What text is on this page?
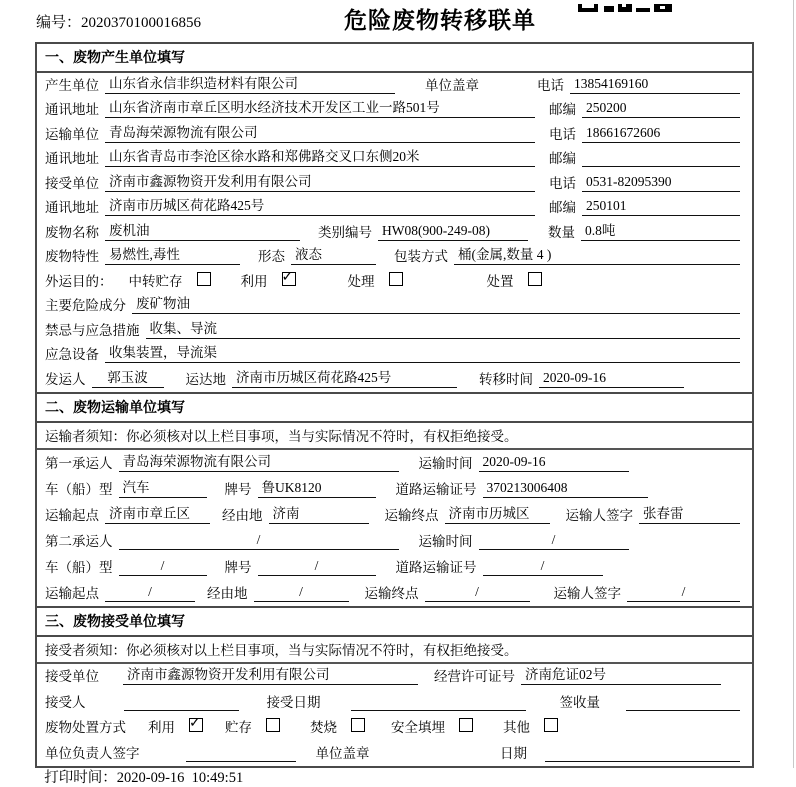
编号：2020370100016856	危险废物转移联单
一、废物产生单位填写
产生单位 山东省永信非织造材料有限公司	单位盖章	电话 13854169160
通讯地址 山东省济南市章丘区明水经济技术开发区工业一路501号	邮编 250200
运输单位 青岛海荣源物流有限公司	电话 18661672606
通讯地址 山东省青岛市李沧区徐水路和郑佛路交叉口东侧20米	邮编
接受单位 济南市鑫源物资开发利用有限公司	电话 0531-82095390
通讯地址 济南市历城区荷花路425号	邮编 250101
废物名称 废机油	类别编号 HW08(900-249-08)	数量 0.8吨
废物特性 易燃性,毒性	形态 液态	包装方式 桶(金属,数量 4 )
外运目的： 中转贮存	利用 ✓	处理	处置
主要危险成分 废矿物油
禁忌与应急措施 收集、导流
应急设备 收集装置，导流渠
发运人	郭玉波	运达地 济南市历城区荷花路425号	转移时间 2020-09-16
二、废物运输单位填写
运输者须知： 你必须核对以上栏目事项，当与实际情况不符时，有权拒绝接受。
第一承运人 青岛海荣源物流有限公司	运输时间 2020-09-16
车（船）型 汽车	牌号 鲁UK8120	道路运输证号 370213006408
运输起点 济南市章丘区	经由地 济南	运输终点 济南市历城区	运输人签字 张春雷
第二承运人	/	运输时间	/
车（船）型	/	牌号	/	道路运输证号	/
运输起点	/	经由地	/	运输终点	/	运输人签字	/
三、废物接受单位填写
接受者须知： 你必须核对以上栏目事项，当与实际情况不符时，有权拒绝接受。
接受单位 济南市鑫源物资开发利用有限公司	经营许可证号 济南危证02号
接受人	接受日期	签收量
废物处置方式 利用 ✓	贮存	焚烧	安全填埋	其他
单位负责人签字	单位盖章	日期

打印时间：2020-09-16  10:49:51
